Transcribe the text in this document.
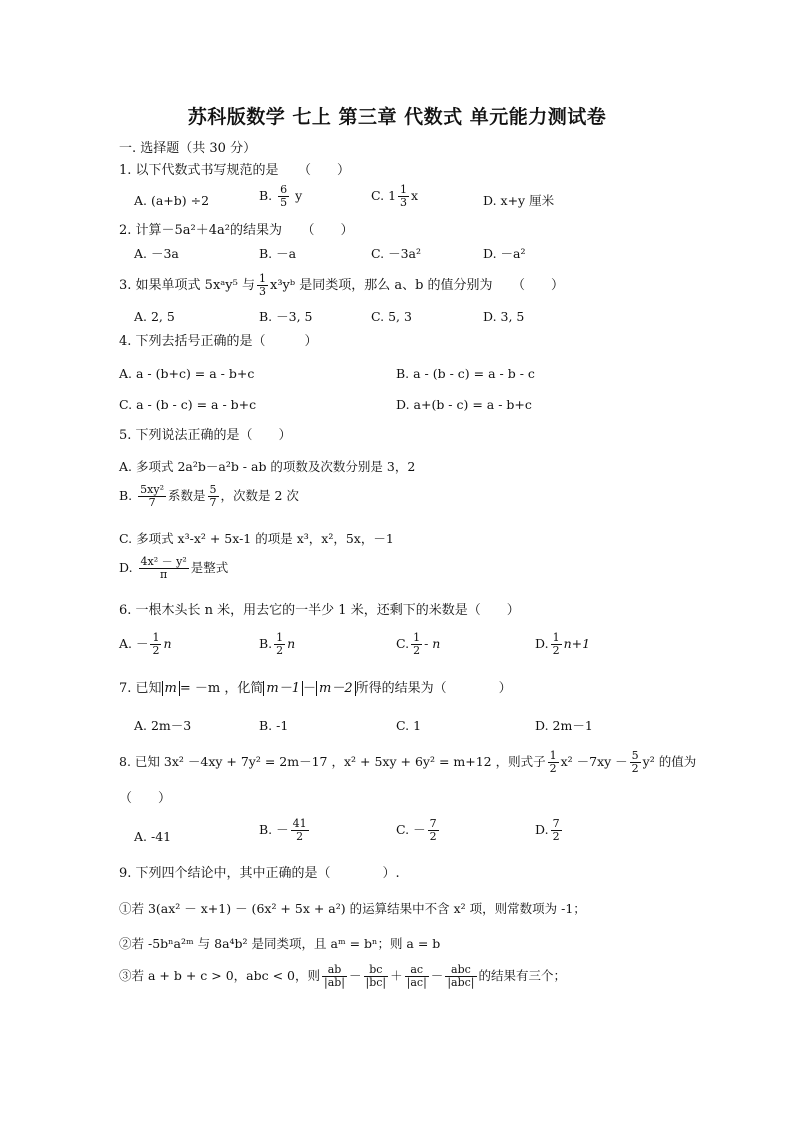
苏科版数学 七上 第三章 代数式 单元能力测试卷
一. 选择题（共 30 分）
1. 以下代数式书写规范的是　　（　　）
A. (a+b) ÷2	B. $\frac{6}{5}$ y	C. $1 \frac{1}{3}$ x	D. x+y 厘米
2. 计算－5a²＋4a²的结果为　　（　　）
A. －3a	B. －a	C. －3a²	D. －a²
3. 如果单项式 5xᵃy⁵ 与 $\frac{1}{3}$ x³yᵇ 是同类项，那么 a、b 的值分别为　　（　　）
A. 2, 5	B. －3, 5	C. 5, 3	D. 3, 5
4. 下列去括号正确的是（　　　）
A. a - (b+c) = a - b+c	B. a - (b - c) = a - b - c
C. a - (b - c) = a - b+c	D. a+(b - c) = a - b+c
5. 下列说法正确的是（　　）
A. 多项式 2a²b－a²b - ab 的项数及次数分别是 3，2
B. $\frac{\text{5xy²}}{7}$ 系数是 $\frac{5}{7}$ ，次数是 2 次
C. 多项式 x³-x² + 5x-1 的项是 x³，x²，5x，－1
D. $\frac{\text{4x² － y²}}{\pi}$ 是整式
6. 一根木头长 n 米，用去它的一半少 1 米，还剩下的米数是（　　）
A. － $\frac{1}{2}$ n	B. $\frac{1}{2}$ n	C. $\frac{1}{2}$ - n	D. $\frac{1}{2} n+1$
7. 已知 m = －m ，化简 m－1 － m－2 所得的结果为（　　　　）
A. 2m－3	B. -1	C. 1	D. 2m－1
8. 已知 3x² －4xy + 7y² = 2m－17 ，x² + 5xy + 6y² = m+12 ，则式子 $\frac{1}{2} x^2 -7xy - \frac{5}{2} y^2$ 的值为
（　　）
A. -41	B. － $\frac{41}{2}$	C. － $\frac{7}{2}$	D. $\frac{7}{2}$
9. 下列四个结论中，其中正确的是（　　　　）.
①若 3(ax² － x+1) － (6x² + 5x + a²) 的运算结果中不含 x² 项，则常数项为 -1；
②若 -5bⁿa²ᵐ 与 8a⁴b² 是同类项，且 aᵐ = bⁿ；则 a = b
③若 a + b + c > 0，abc < 0，则 $\frac{ab}{|ab|} - \frac{bc}{|bc|} + \frac{ac}{|ac|} - \frac{\text{abc}}{\text{|abc|}}$ 的结果有三个；
